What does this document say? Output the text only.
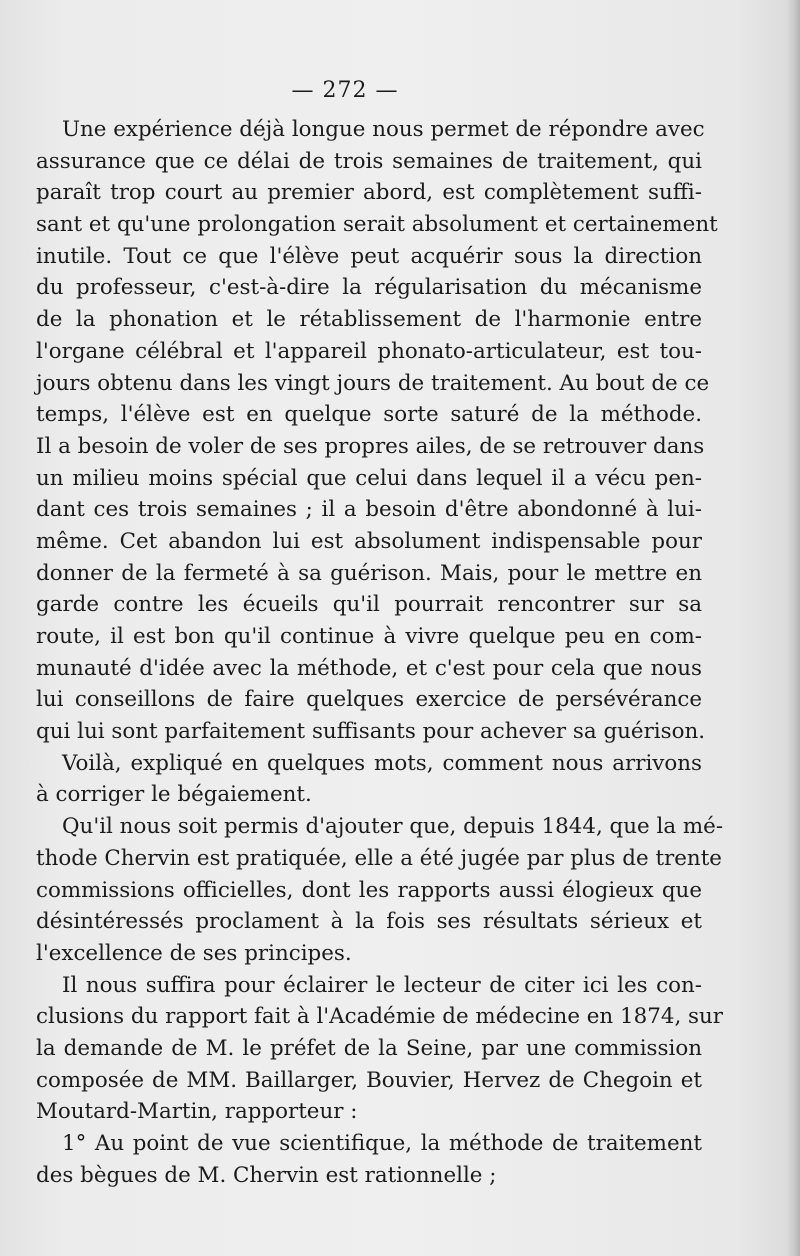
— 272 —
Une expérience déjà longue nous permet de répondre avec
assurance que ce délai de trois semaines de traitement, qui
paraît trop court au premier abord, est complètement suffi-
sant et qu'une prolongation serait absolument et certainement
inutile. Tout ce que l'élève peut acquérir sous la direction
du professeur, c'est-à-dire la régularisation du mécanisme
de la phonation et le rétablissement de l'harmonie entre
l'organe célébral et l'appareil phonato-articulateur, est tou-
jours obtenu dans les vingt jours de traitement. Au bout de ce
temps, l'élève est en quelque sorte saturé de la méthode.
Il a besoin de voler de ses propres ailes, de se retrouver dans
un milieu moins spécial que celui dans lequel il a vécu pen-
dant ces trois semaines ; il a besoin d'être abondonné à lui-
même. Cet abandon lui est absolument indispensable pour
donner de la fermeté à sa guérison. Mais, pour le mettre en
garde contre les écueils qu'il pourrait rencontrer sur sa
route, il est bon qu'il continue à vivre quelque peu en com-
munauté d'idée avec la méthode, et c'est pour cela que nous
lui conseillons de faire quelques exercice de persévérance
qui lui sont parfaitement suffisants pour achever sa guérison.
Voilà, expliqué en quelques mots, comment nous arrivons
à corriger le bégaiement.
Qu'il nous soit permis d'ajouter que, depuis 1844, que la mé-
thode Chervin est pratiquée, elle a été jugée par plus de trente
commissions officielles, dont les rapports aussi élogieux que
désintéressés proclament à la fois ses résultats sérieux et
l'excellence de ses principes.
Il nous suffira pour éclairer le lecteur de citer ici les con-
clusions du rapport fait à l'Académie de médecine en 1874, sur
la demande de M. le préfet de la Seine, par une commission
composée de MM. Baillarger, Bouvier, Hervez de Chegoin et
Moutard-Martin, rapporteur :
1° Au point de vue scientifique, la méthode de traitement
des bègues de M. Chervin est rationnelle ;
